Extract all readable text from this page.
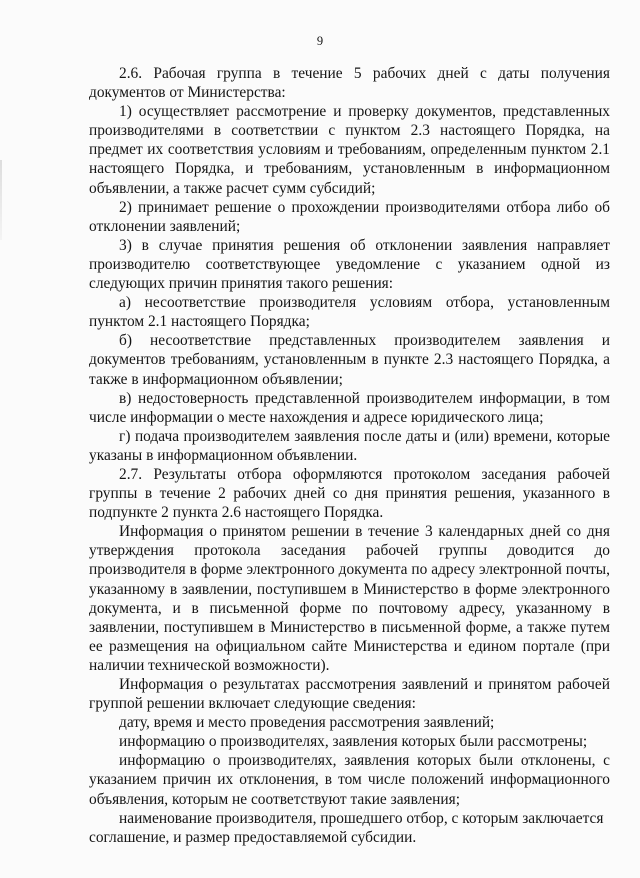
9

2.6. Рабочая группа в течение 5 рабочих дней с даты получения документов от Министерства:

1) осуществляет рассмотрение и проверку документов, представленных производителями в соответствии с пунктом 2.3 настоящего Порядка, на предмет их соответствия условиям и требованиям, определенным пунктом 2.1 настоящего Порядка, и требованиям, установленным в информационном объявлении, а также расчет сумм субсидий;

2) принимает решение о прохождении производителями отбора либо об отклонении заявлений;

3) в случае принятия решения об отклонении заявления направляет производителю соответствующее уведомление с указанием одной из следующих причин принятия такого решения:

а) несоответствие производителя условиям отбора, установленным пунктом 2.1 настоящего Порядка;

б) несоответствие представленных производителем заявления и документов требованиям, установленным в пункте 2.3 настоящего Порядка, а также в информационном объявлении;

в) недостоверность представленной производителем информации, в том числе информации о месте нахождения и адресе юридического лица;

г) подача производителем заявления после даты и (или) времени, которые указаны в информационном объявлении.

2.7. Результаты отбора оформляются протоколом заседания рабочей группы в течение 2 рабочих дней со дня принятия решения, указанного в подпункте 2 пункта 2.6 настоящего Порядка.

Информация о принятом решении в течение 3 календарных дней со дня утверждения протокола заседания рабочей группы доводится до производителя в форме электронного документа по адресу электронной почты, указанному в заявлении, поступившем в Министерство в форме электронного документа, и в письменной форме по почтовому адресу, указанному в заявлении, поступившем в Министерство в письменной форме, а также путем ее размещения на официальном сайте Министерства и едином портале (при наличии технической возможности).

Информация о результатах рассмотрения заявлений и принятом рабочей группой решении включает следующие сведения:

дату, время и место проведения рассмотрения заявлений;

информацию о производителях, заявления которых были рассмотрены;

информацию о производителях, заявления которых были отклонены, с указанием причин их отклонения, в том числе положений информационного объявления, которым не соответствуют такие заявления;

наименование производителя, прошедшего отбор, с которым заключается соглашение, и размер предоставляемой субсидии.
